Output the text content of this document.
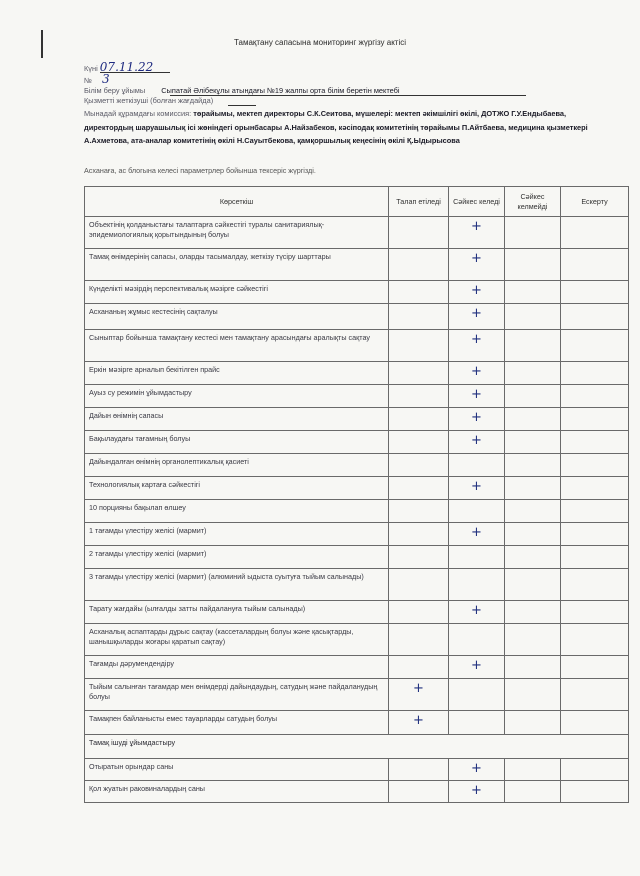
Тамақтану сапасына мониторинг жүргізу актісі
Күні 07.11.22
№ 3
Білім беру ұйымы Сыпатай Әлібекұлы атындағы №19 жалпы орта білім беретін мектебі
Қызметті жеткізуші (болған жағдайда)
Мынадай құрамдағы комиссия: төрайымы, мектеп директоры С.К.Сеитова, мүшелері: мектеп әкімшілігі өкілі, ДОТЖО Г.У.Ендыбаева, директордың шаруашылық ісі жөніндегі орынбасары А.Найзабеков, кәсіподақ комитетінің төрайымы П.Айтбаева, медицина қызметкері А.Ахметова, ата-аналар комитетінің өкілі Н.Сауытбекова, қамқоршылық кеңесінің өкілі Қ.Ыдырысова
Асханаға, ас блогына келесі параметрлер бойынша тексеріс жүргізді.
Көрсеткіш	Талап етіледі	Сәйкес келеді	Сәйкес келмейді	Ескерту
Объектінің қолданыстағы талаптарға сәйкестігі туралы санитариялық-эпидемиологиялық қорытындының болуы		+		

Тамақ өнімдерінің сапасы, оларды тасымалдау, жеткізу түсіру шарттары		+		

Күнделікті мәзірдің перспективалық мәзірге сәйкестігі		+		

Асхананың жұмыс кестесінің сақталуы		+		

Сыныптар бойынша тамақтану кестесі мен тамақтану арасындағы аралықты сақтау		+		

Еркін мәзірге арналып бекітілген прайс		+		

Ауыз су режимін ұйымдастыру		+		

Дайын өнімнің сапасы		+		

Бақылаудағы тағамның болуы		+		

Дайындалған өнімнің органолептикалық қасиеті	

Технологиялық картаға сәйкестігі		+		

10 порцияны бақылап өлшеу	

1 тағамды үлестіру желісі (мармит)		+		

2 тағамды үлестіру желісі (мармит)	

3 тағамды үлестіру желісі (мармит) (алюминий ыдыста суытуға тыйым салынады)	

Тарату жағдайы (ылғалды затты пайдалануға тыйым салынады)		+		

Асханалық аспаптарды дұрыс сақтау (кассеталардың болуы және қасықтарды, шанышқыларды жоғары қаратып сақтау)	

Тағамды дәрумендендіру		+		

Тыйым салынған тағамдар мен өнімдерді дайындаудың, сатудың және пайдаланудың болуы	+			

Тамақпен байланысты емес тауарларды сатудың болуы	+			

Тамақ ішуді ұйымдастыру				
Отыратын орындар саны		+		

Қол жуатын раковиналардың саны		+		
